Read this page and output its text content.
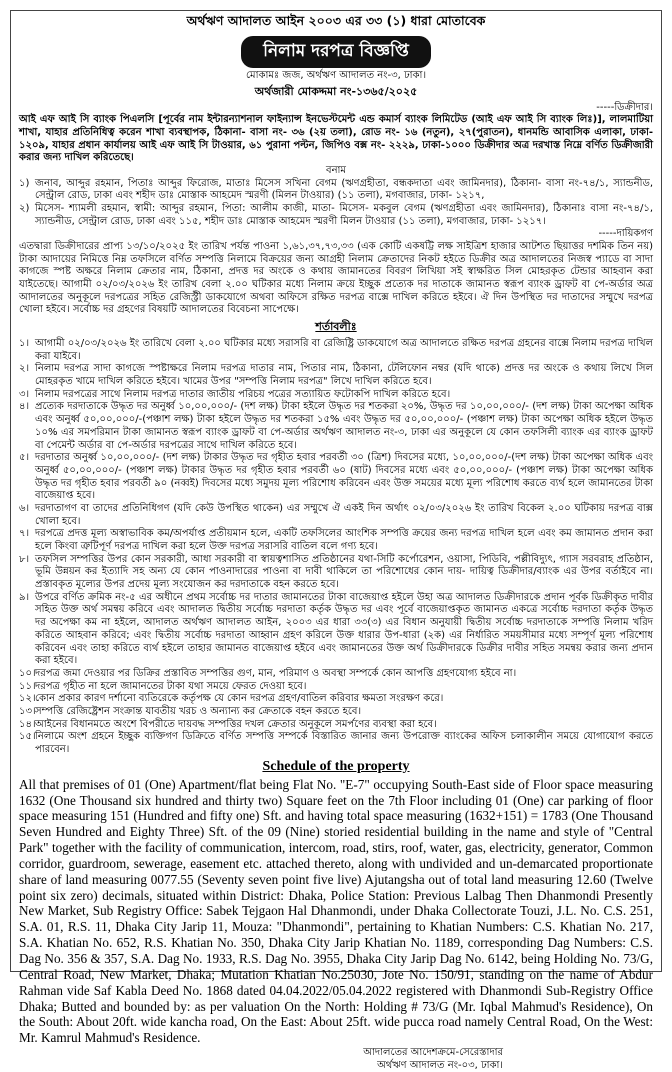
অর্থঋণ আদালত আইন ২০০৩ এর ৩৩ (১) ধারা মোতাবেক

নিলাম দরপত্র বিজ্ঞপ্তি

মোকামঃ জজ, অর্থঋণ আদালত নং-৩, ঢাকা।

অর্থজারী মোকদ্দমা নং-১৩৬৫/২০২৫

-----ডিক্রীদার।

আই এফ আই সি ব্যাংক পিএলসি [পূর্বের নাম ইন্টারন্যাশনাল ফাইন্যান্স ইনভেস্টমেন্ট এন্ড কমার্স ব্যাংক লিমিটেড (আই এফ আই সি ব্যাংক লিঃ)], লালমাটিয়া শাখা, যাহার প্রতিনিধিত্ব করেন শাখা ব্যবস্থাপক, ঠিকানা- বাসা নং- ৩৬ (২য় তলা), রোড নং- ১৬ (নতুন), ২৭(পুরাতন), ধানমন্ডি আবাসিক এলাকা, ঢাকা- ১২০৯, যাহার প্রধান কার্যালয় আই এফ আই সি টাওয়ার, ৬১ পুরানা পল্টন, জিপিও বক্স নং- ২২২৯, ঢাকা-১০০০ ডিক্রীদার অত্র দরখাস্ত নিম্নে বর্ণিত ডিক্রীজারী করার জন্য দাখিল করিতেছে।

বনাম

১) জনাব, আব্দুর রহমান, পিতাঃ আব্দুর ফিরোজ, মাতাঃ মিসেস সখিনা বেগম (ঋণগ্রহীতা, বন্ধকদাতা এবং জামিনদার), ঠিকানা- বাসা নং-৭৪/১, স্যান্ডনীড, সেন্ট্রাল রোড, ঢাকা এবং শহীদ ডাঃ মোস্তাক আহমেদ স্মরণী (মিলন টাওয়ার) (১১ তলা), মগবাজার, ঢাকা- ১২১৭,
২) মিসেস- শ্যামলী রহমান, স্বামী: আব্দুর রহমান, পিতা: আলীম কাজী, মাতা- মিসেস- মকবুল বেগম (ঋণগ্রহীতা এবং জামিনদার), ঠিকানাঃ বাসা নং-৭৪/১, স্যান্ডনীড, সেন্ট্রাল রোড, ঢাকা এবং ১১৫, শহীদ ডাঃ মোস্তাক আহমেদ স্মরণী মিলন টাওয়ার (১১ তলা), মগবাজার, ঢাকা- ১২১৭।

-----দায়িকগণ

এতদ্বারা ডিক্রীদারের প্রাপ্য ১৩/১০/২০২৫ ইং তারিখ পর্যন্ত পাওনা ১,৬১,৩৭,৭৩,৩৩ (এক কোটি একষট্টি লক্ষ সাইত্রিশ হাজার আটশত ছিয়াত্তর দশমিক তিন নয়) টাকা আদায়ের নিমিত্তে নিম্ন তফসিলে বর্ণিত সম্পত্তি নিলামে বিক্রয়ের জন্য আগ্রহী নিলাম ক্রেতাদের নিকট হইতে ডিক্রীর অত্র আদালতের নিজস্ব প্যাডে বা সাদা কাগজে স্পষ্ট অক্ষরে নিলাম ক্রেতার নাম, ঠিকানা, প্রদত্ত দর অংকে ও কথায় জামানতের বিবরণ লিখিয়া সই স্বাক্ষরিত সিল মোহরকৃত টেন্ডার আহবান করা যাইতেছে। আগামী ০২/০৩/২০২৬ ইং তারিখ বেলা ২.০০ ঘটিকার মধ্যে নিলাম ক্রয়ে ইচ্ছুক প্রত্যেক দর দাতাকে জামানত স্বরূপ ব্যাংক ড্রাফট বা পে-অর্ডার অত্র আদালতের অনুকূলে দরপত্রের সহিত রেজিস্ট্রী ডাকযোগে অথবা অফিসে রক্ষিত দরপত্র বাক্সে দাখিল করিতে হইবে। ঐ দিন উপস্থিত দর দাতাদের সম্মুখে দরপত্র খোলা হইবে। সর্বোচ্চ দর গ্রহণের বিষয়টি আদালতের বিবেচনা সাপেক্ষে।

শর্তাবলীঃ

১। আগামী ০২/০৩/২০২৬ ইং তারিখে বেলা ২.০০ ঘটিকার মধ্যে সরাসরি বা রেজিষ্ট্রি ডাকযোগে অত্র আদালতে রক্ষিত দরপত্র গ্রহনের বাক্সে নিলাম দরপত্র দাখিল করা যাইবে।
২। নিলাম দরপত্র সাদা কাগজে স্পষ্টাক্ষরে নিলাম দরপত্র দাতার নাম, পিতার নাম, ঠিকানা, টেলিফোন নম্বর (যদি থাকে) প্রদত্ত দর অংকে ও কথায় লিখে সিল মোহরকৃত খামে দাখিল করিতে হইবে। খামের উপর "সম্পত্তি নিলাম দরপত্র" লিখে দাখিল করিতে হবে।
৩। নিলাম দরপত্রের সাথে নিলাম দরপত্র দাতার জাতীয় পরিচয় পত্রের সত্যায়িত ফটোকপি দাখিল করিতে হবে।
৪। প্রত্যেক দরদাতাকে উদ্ধৃত দর অনুর্ধ্ব ১০,০০,০০০/- (দশ লক্ষ) টাকা হইলে উদ্ধৃত দর শতকরা ২০%, উদ্ধৃত দর ১০,০০,০০০/- (দশ লক্ষ) টাকা অপেক্ষা অধিক এবং অনুর্ধ্ব ৫০,০০,০০০/-(পঞ্চাশ লক্ষ) টাকা হইলে উদ্ধৃত দর শতকরা ১৫% এবং উদ্ধৃত দর ৫০,০০,০০০/- (পঞ্চাশ লক্ষ) টাকা অপেক্ষা অধিক হইলে উদ্ধৃত ১০% এর সমপরিমান টাকা জামানত স্বরূপ ব্যাংক ড্রাফট বা পে-অর্ডার অর্থঋণ আদালত নং-৩, ঢাকা এর অনুকূলে যে কোন তফসিলী ব্যাংক এর ব্যাংক ড্রাফট বা পেমেন্ট অর্ডার বা পে-অর্ডার দরপত্রের সাথে দাখিল করিতে হবে।
৫। দরদাতার অনুর্ধ্ব ১০,০০,০০০/- (দশ লক্ষ) টাকার উদ্ধৃত দর গৃহীত হবার পরবর্তী ৩০ (ত্রিশ) দিবসের মধ্যে, ১০,০০,০০০/-(দশ লক্ষ) টাকা অপেক্ষা অধিক এবং অনুর্ধ্ব ৫০,০০,০০০/- (পঞ্চাশ লক্ষ) টাকার উদ্ধৃত দর গৃহীত হবার পরবর্তী ৬০ (ষাট) দিবসের মধ্যে এবং ৫০,০০,০০০/- (পঞ্চাশ লক্ষ) টাকা অপেক্ষা অধিক উদ্ধৃত দর গৃহীত হবার পরবর্তী ৯০ (নব্বই) দিবসের মধ্যে সমুদয় মূল্য পরিশোধ করিবেন এবং উক্ত সময়ের মধ্যে মূল্য পরিশোধ করতে ব্যর্থ হলে জামানতের টাকা বাজেয়াপ্ত হবে।
৬। দরদাতাগণ বা তাদের প্রতিনিধিগণ (যদি কেউ উপস্থিত থাকেন) এর সম্মুখে ঐ একই দিন অর্থাৎ ০২/০৩/২০২৬ ইং তারিখ বিকেল ২.০০ ঘটিকায় দরপত্র বাক্স খোলা হবে।
৭। দরপত্রে প্রদত্ত মূল্য অস্বাভাবিক কম/অপর্যাপ্ত প্রতীয়মান হলে, একটি তফসিলের আংশিক সম্পত্তি ক্রয়ের জন্য দরপত্র দাখিল হলে এবং কম জামানত প্রদান করা হলে কিংবা ত্রুটিপূর্ণ দরপত্র দাখিল করা হলে উক্ত দরপত্র সরাসরি বাতিল বলে গণ্য হবে।
৮। তফসিল সম্পত্তির উপর কোন সরকারী, আধা সরকারী বা স্বায়ত্বশাসিত প্রতিষ্ঠানের যথা-সিটি কর্পোরেশন, ওয়াসা, পিডিবি, পল্লীবিদ্যুৎ, গ্যাস সরবরাহ প্রতিষ্ঠান, ভূমি উন্নয়ন কর ইত্যাদি সহ অন্য যে কোন পাওনাদারের পাওনা বা দাবী থাকিলে তা পরিশোধের কোন দায়- দায়িত্ব ডিক্রীদার/ব্যাংক এর উপর বর্তাইবে না। প্রস্তাবকৃত মূল্যের উপর প্রদেয় মূল্য সংযোজন কর দরদাতাকে বহন করতে হবে।
৯। উপরে বর্ণিত ক্রমিক নং-৫ এর অধীনে প্রথম সর্বোচ্চ দর দাতার জামানতের টাকা বাজেয়াপ্ত হইলে উহা অত্র আদালত ডিক্রীদারকে প্রদান পূর্বক ডিক্রীকৃত দাবীর সহিত উক্ত অর্থ সমন্বয় করিবে এবং আদালত দ্বিতীয় সর্বোচ্চ দরদাতা কর্তৃক উদ্ধৃত দর এবং পূর্বে বাজেয়াপ্তকৃত জামানত একত্রে সর্বোচ্চ দরদাতা কর্তৃক উদ্ধৃত দর অপেক্ষা কম না হইলে, আদালত অর্থঋণ আদালত আইন, ২০০৩ এর ধারা ৩৩(৩) এর বিধান অনুযায়ী দ্বিতীয় সর্বোচ্চ দরদাতাকে সম্পত্তি নিলাম খরিদ করিতে আহবান করিবে; এবং দ্বিতীয় সর্বোচ্চ দরদাতা আহ্বান গ্রহণ করিলে উক্ত ধারার উপ-ধারা (২ক) এর নির্ধারিত সময়সীমার মধ্যে সম্পূর্ণ মূল্য পরিশোধ করিবেন এবং তাহা করিতে ব্যর্থ হইলে তাহার জামানত বাজেয়াপ্ত হইবে এবং জামানতের উক্ত অর্থ ডিক্রীদারকে ডিক্রীর দাবীর সহিত সমন্বয় করার জন্য প্রদান করা হইবে।
১০। দরপত্র জমা দেওয়ার পর ডিক্রির প্রস্তাবিত সম্পত্তির গুণ, মান, পরিমাণ ও অবস্থা সম্পর্কে কোন আপত্তি গ্রহণযোগ্য হইবে না।
১১। দরপত্র গৃহীত না হলে জামানতের টাকা যথা সময়ে ফেরত দেওয়া হবে।
১২। কোন প্রকার কারণ দর্শানো ব্যতিরেকে কর্তৃপক্ষ যে কোন দরপত্র গ্রহণ/বাতিল করিবার ক্ষমতা সংরক্ষণ করে।
১৩। সম্পত্তি রেজিষ্ট্রেশন সংক্রান্ত যাবতীয় খরচ ও অন্যান্য কর ক্রেতাকে বহন করতে হবে।
১৪। আইনের বিধানমতে অংশে বিপরীতে দায়বদ্ধ সম্পত্তির দখল ক্রেতার অনুকূলে সমর্পণের ব্যবস্থা করা হবে।
১৫। নিলামে অংশ গ্রহনে ইচ্ছুক ব্যক্তিগণ ডিক্রিতে বর্ণিত সম্পত্তি সম্পর্কে বিস্তারিত জানার জন্য উপরোক্ত ব্যাংকের অফিস চলাকালীন সময়ে যোগাযোগ করতে পারবেন।

Schedule of the property

All that premises of 01 (One) Apartment/flat being Flat No. "E-7" occupying South-East side of Floor space measuring 1632 (One Thousand six hundred and thirty two) Square feet on the 7th Floor including 01 (One) car parking of floor space measuring 151 (Hundred and fifty one) Sft. and having total space measuring (1632+151) = 1783 (One Thousand Seven Hundred and Eighty Three) Sft. of the 09 (Nine) storied residential building in the name and style of "Central Park" together with the facility of communication, intercom, road, stirs, roof, water, gas, electricity, generator, Common corridor, guardroom, sewerage, easement etc. attached thereto, along with undivided and un-demarcated proportionate share of land measuring 0077.55 (Seventy seven point five live) Ajutangsha out of total land measuring 12.60 (Twelve point six zero) decimals, situated within District: Dhaka, Police Station: Previous Lalbag Then Dhanmondi Presently New Market, Sub Registry Office: Sabek Tejgaon Hal Dhanmondi, under Dhaka Collectorate Touzi, J.L. No. C.S. 251, S.A. 01, R.S. 11, Dhaka City Jarip 11, Mouza: "Dhanmondi", pertaining to Khatian Numbers: C.S. Khatian No. 217, S.A. Khatian No. 652, R.S. Khatian No. 350, Dhaka City Jarip Khatian No. 1189, corresponding Dag Numbers: C.S. Dag No. 356 & 357, S.A. Dag No. 1933, R.S. Dag No. 3955, Dhaka City Jarip Dag No. 6142, being Holding No. 73/G, Central Road, New Market, Dhaka; Mutation Khatian No.25030, Jote No. 150/91, standing on the name of Abdur Rahman vide Saf Kabla Deed No. 1868 dated 04.04.2022/05.04.2022 registered with Dhanmondi Sub-Registry Office Dhaka; Butted and bounded by: as per valuation On the North: Holding # 73/G (Mr. Iqbal Mahmud's Residence), On the South: About 20ft. wide kancha road, On the East: About 25ft. wide pucca road namely Central Road, On the West: Mr. Kamrul Mahmud's Residence.

আদালতের আদেশক্রমে-সেরেস্তাদার
অর্থঋণ আদালত নং-০৩, ঢাকা।
